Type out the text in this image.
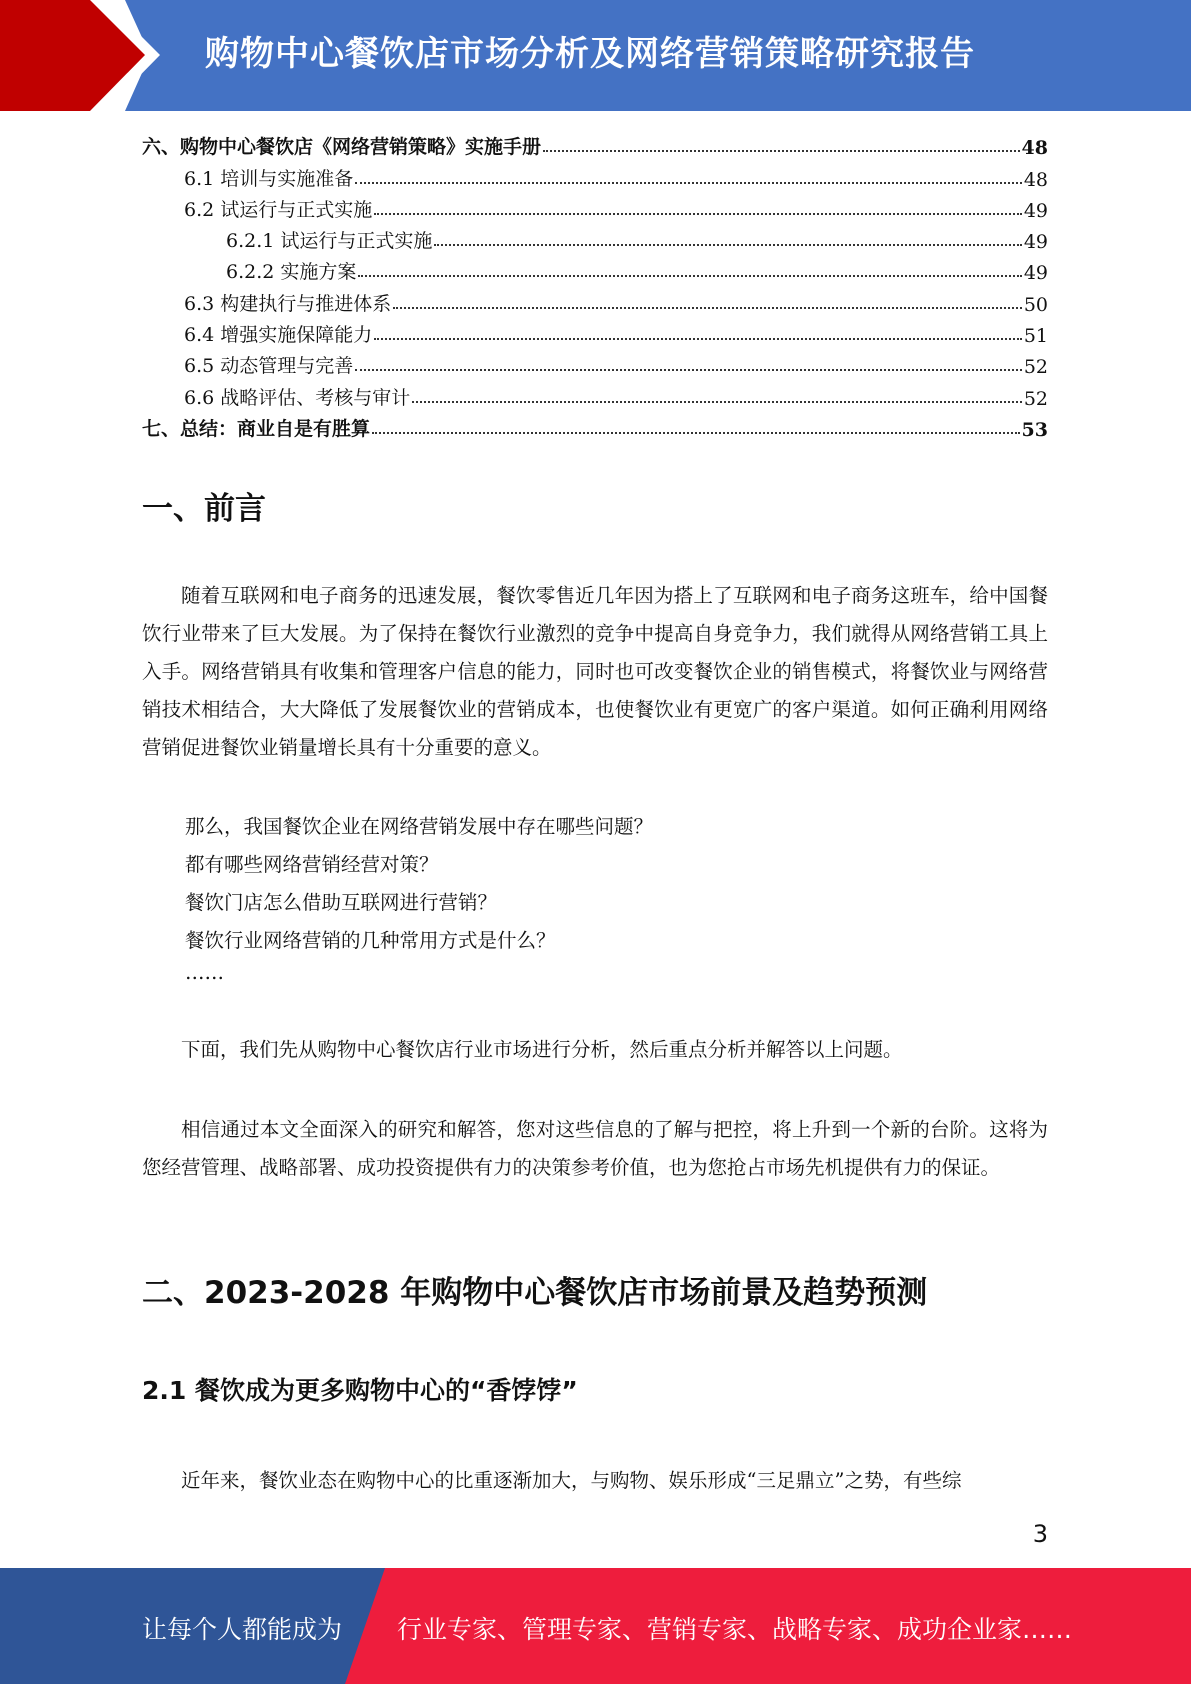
购物中心餐饮店市场分析及网络营销策略研究报告
六、购物中心餐饮店《网络营销策略》实施手册	48
6.1 培训与实施准备	48
6.2 试运行与正式实施	49
6.2.1 试运行与正式实施	49
6.2.2 实施方案	49
6.3 构建执行与推进体系	50
6.4 增强实施保障能力	51
6.5 动态管理与完善	52
6.6 战略评估、考核与审计	52
七、总结：商业自是有胜算	53
一、前言

随着互联网和电子商务的迅速发展，餐饮零售近几年因为搭上了互联网和电子商务这班车，给中国餐饮行业带来了巨大发展。为了保持在餐饮行业激烈的竞争中提高自身竞争力，我们就得从网络营销工具上入手。网络营销具有收集和管理客户信息的能力，同时也可改变餐饮企业的销售模式，将餐饮业与网络营销技术相结合，大大降低了发展餐饮业的营销成本，也使餐饮业有更宽广的客户渠道。如何正确利用网络营销促进餐饮业销量增长具有十分重要的意义。

那么，我国餐饮企业在网络营销发展中存在哪些问题？
都有哪些网络营销经营对策？
餐饮门店怎么借助互联网进行营销？
餐饮行业网络营销的几种常用方式是什么？
……

下面，我们先从购物中心餐饮店行业市场进行分析，然后重点分析并解答以上问题。

相信通过本文全面深入的研究和解答，您对这些信息的了解与把控，将上升到一个新的台阶。这将为您经营管理、战略部署、成功投资提供有力的决策参考价值，也为您抢占市场先机提供有力的保证。

二、2023-2028 年购物中心餐饮店市场前景及趋势预测
2.1 餐饮成为更多购物中心的“香饽饽”

近年来，餐饮业态在购物中心的比重逐渐加大，与购物、娱乐形成“三足鼎立”之势，有些综

3
让每个人都能成为 行业专家、管理专家、营销专家、战略专家、成功企业家……
